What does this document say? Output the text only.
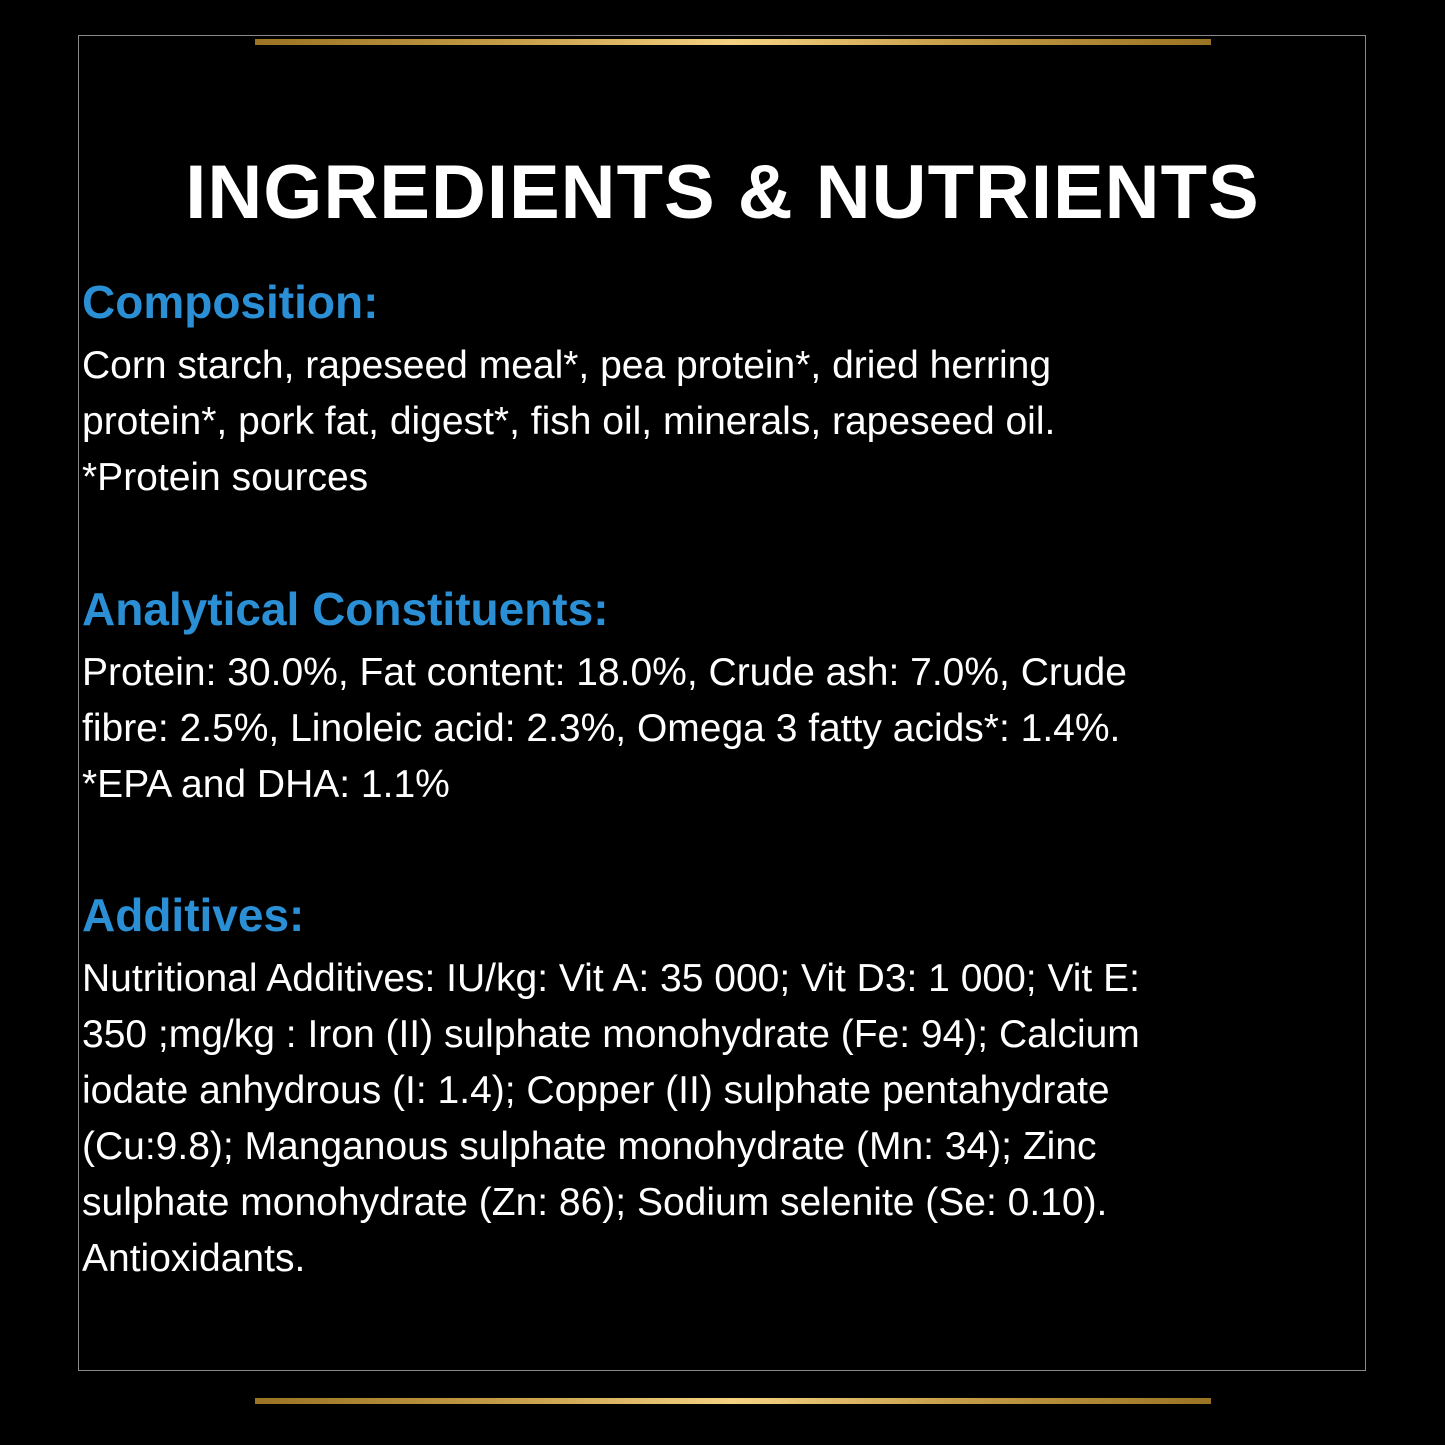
INGREDIENTS & NUTRIENTS
Composition:
Corn starch, rapeseed meal*, pea protein*, dried herring
protein*, pork fat, digest*, fish oil, minerals, rapeseed oil.
*Protein sources
Analytical Constituents:
Protein: 30.0%, Fat content: 18.0%, Crude ash: 7.0%, Crude
fibre: 2.5%, Linoleic acid: 2.3%, Omega 3 fatty acids*: 1.4%.
*EPA and DHA: 1.1%
Additives:
Nutritional Additives: IU/kg: Vit A: 35 000; Vit D3: 1 000; Vit E:
350 ;mg/kg : Iron (II) sulphate monohydrate (Fe: 94); Calcium
iodate anhydrous (I: 1.4); Copper (II) sulphate pentahydrate
(Cu:9.8); Manganous sulphate monohydrate (Mn: 34); Zinc
sulphate monohydrate (Zn: 86); Sodium selenite (Se: 0.10).
Antioxidants.
